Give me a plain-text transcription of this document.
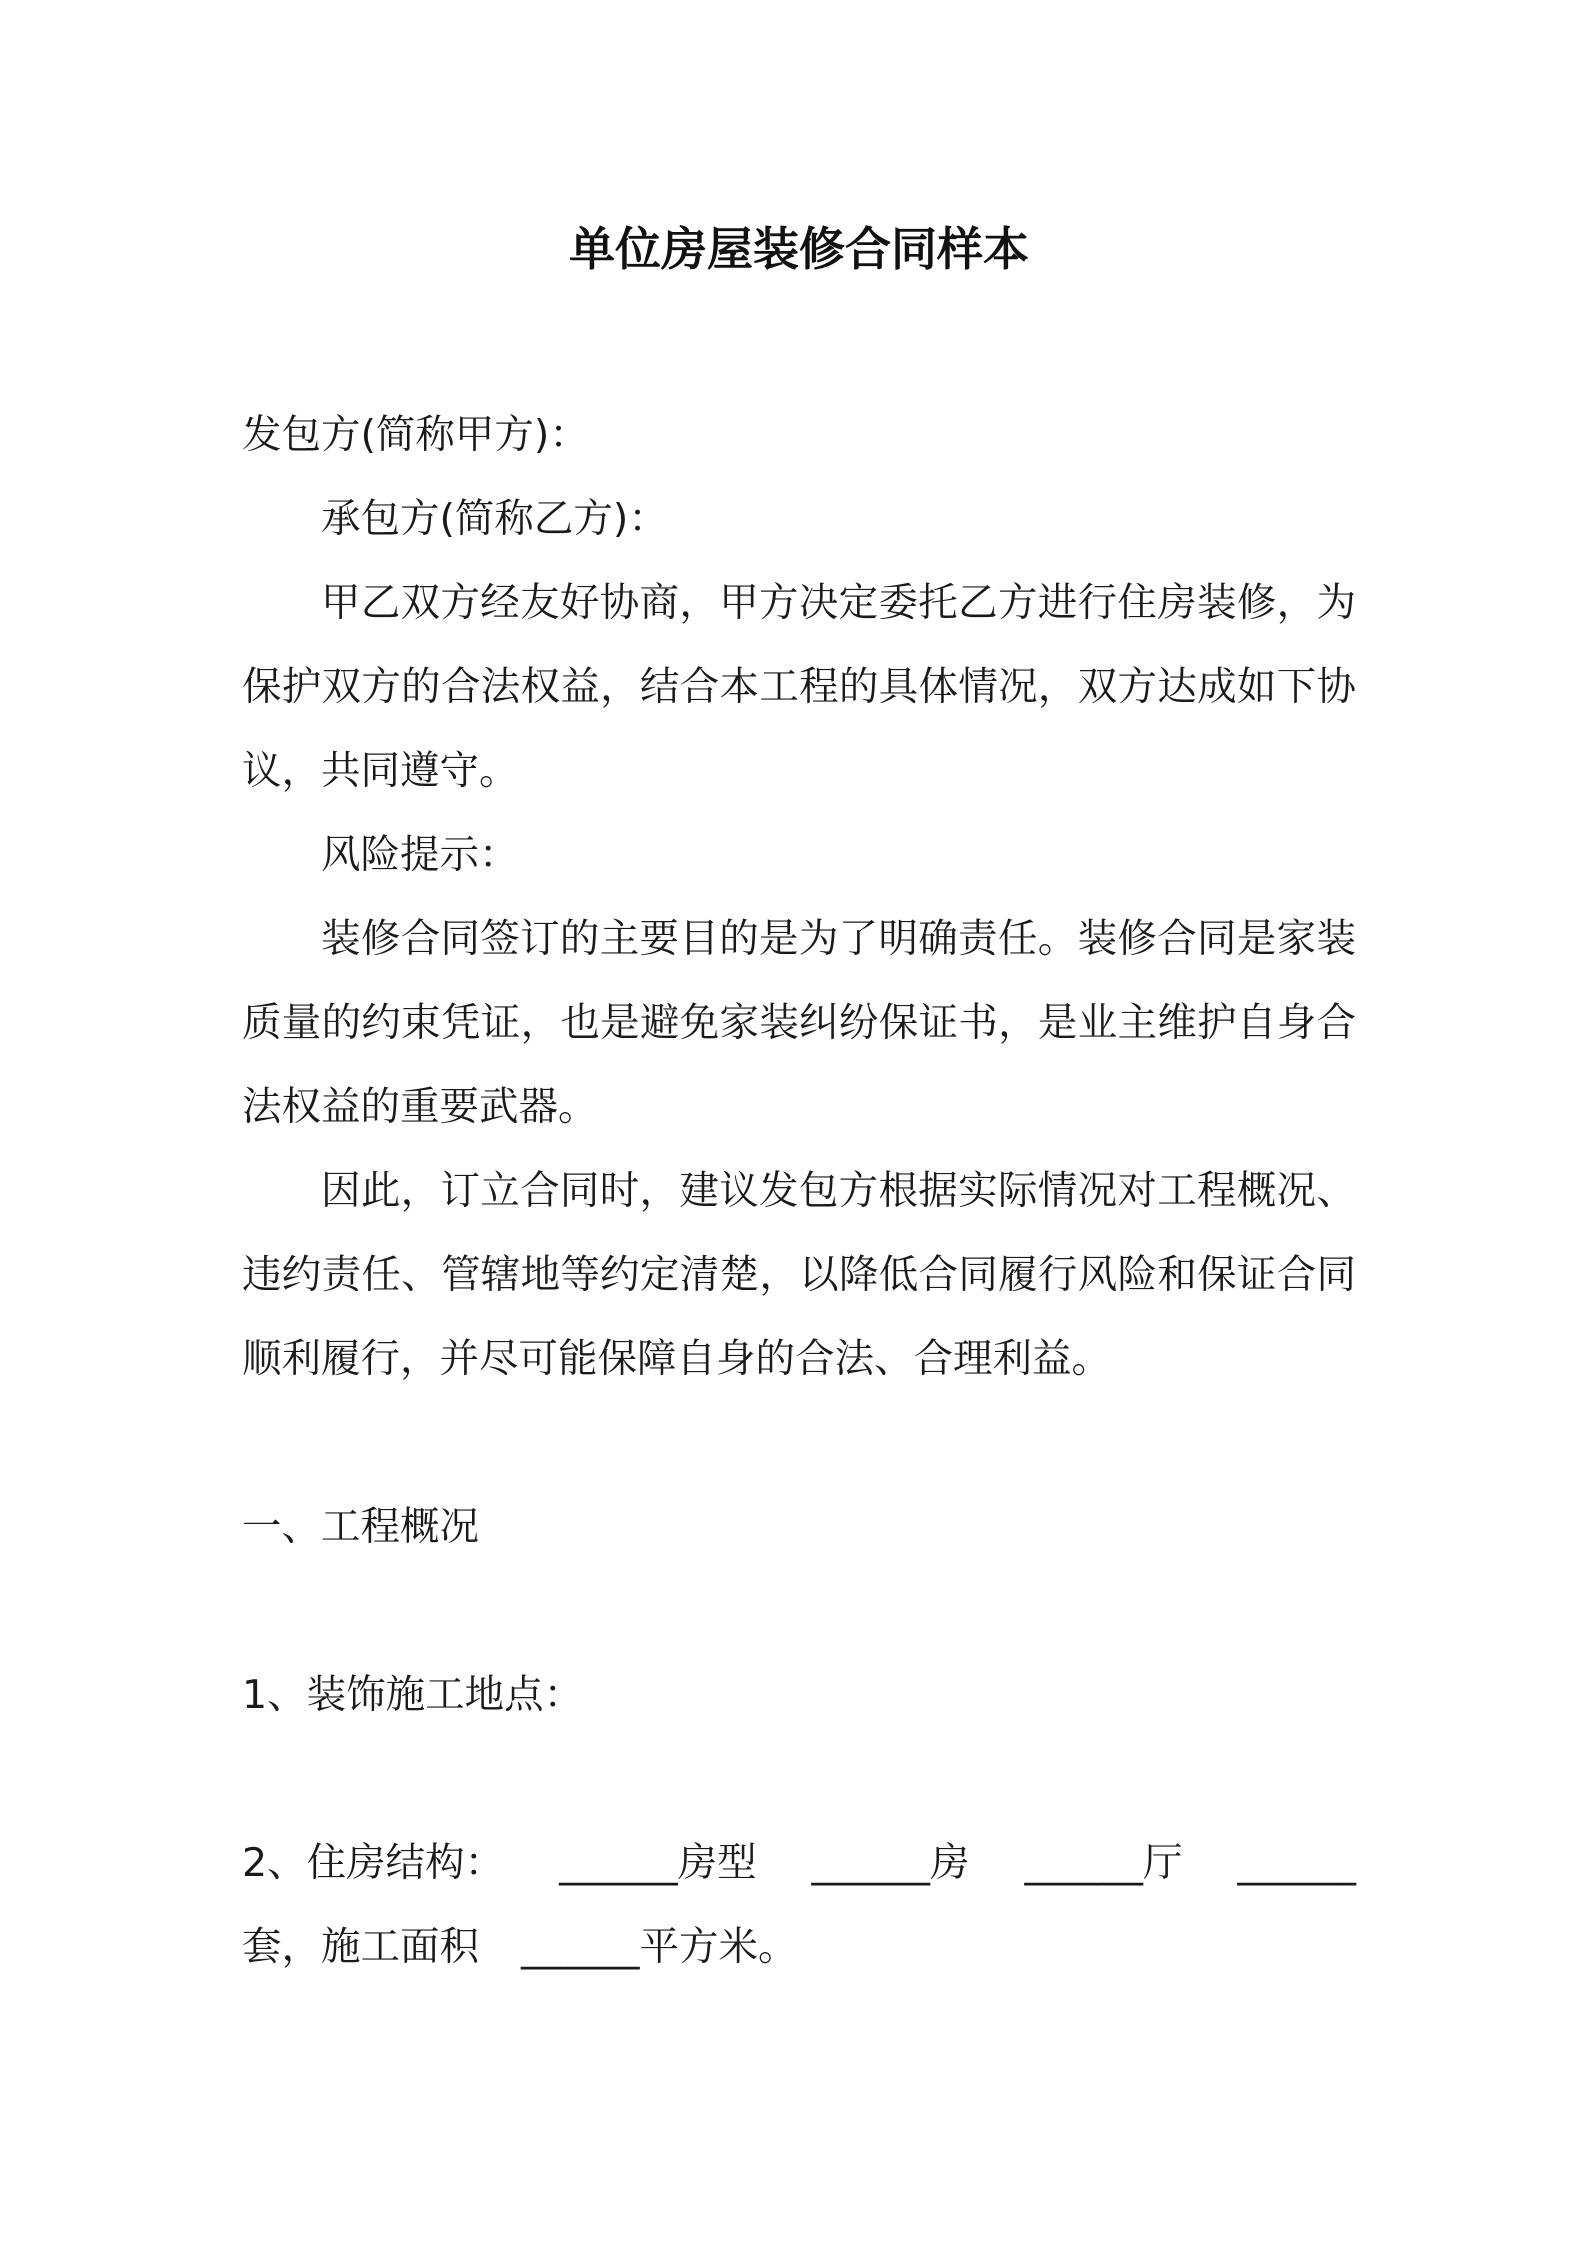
单位房屋装修合同样本
发包方(简称甲方)：
承包方(简称乙方)：
甲乙双方经友好协商，甲方决定委托乙方进行住房装修，为
保护双方的合法权益，结合本工程的具体情况，双方达成如下协
议，共同遵守。
风险提示：
装修合同签订的主要目的是为了明确责任。装修合同是家装
质量的约束凭证，也是避免家装纠纷保证书，是业主维护自身合
法权益的重要武器。
因此，订立合同时，建议发包方根据实际情况对工程概况、
违约责任、管辖地等约定清楚，以降低合同履行风险和保证合同
顺利履行，并尽可能保障自身的合法、合理利益。
一、工程概况
1、装饰施工地点：
2、住房结构： ______房型 ______房 ______厅 ______
套，施工面积 ______平方米。
